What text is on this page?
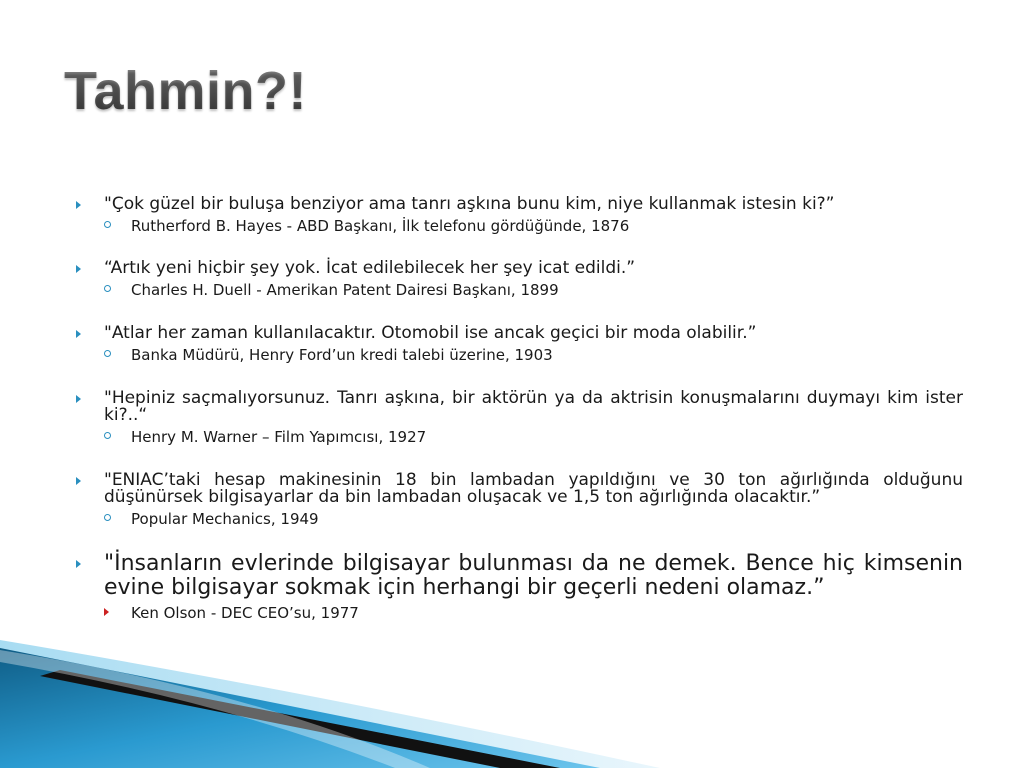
Tahmin?!
"Çok güzel bir buluşa benziyor ama tanrı aşkına bunu kim, niye kullanmak istesin ki?”
Rutherford B. Hayes - ABD Başkanı, İlk telefonu gördüğünde, 1876
“Artık yeni hiçbir şey yok. İcat edilebilecek her şey icat edildi.”
Charles H. Duell - Amerikan Patent Dairesi Başkanı, 1899
"Atlar her zaman kullanılacaktır. Otomobil ise ancak geçici bir moda olabilir.”
Banka Müdürü, Henry Ford’un kredi talebi üzerine, 1903
"Hepiniz saçmalıyorsunuz. Tanrı aşkına, bir aktörün ya da aktrisin konuşmalarını duymayı kim ister ki?..“
Henry M. Warner – Film Yapımcısı, 1927
"ENIAC’taki hesap makinesinin 18 bin lambadan yapıldığını ve 30 ton ağırlığında olduğunu düşünürsek bilgisayarlar da bin lambadan oluşacak ve 1,5 ton ağırlığında olacaktır.”
Popular Mechanics, 1949
"İnsanların evlerinde bilgisayar bulunması da ne demek. Bence hiç kimsenin evine bilgisayar sokmak için herhangi bir geçerli nedeni olamaz.”
Ken Olson - DEC CEO’su, 1977
